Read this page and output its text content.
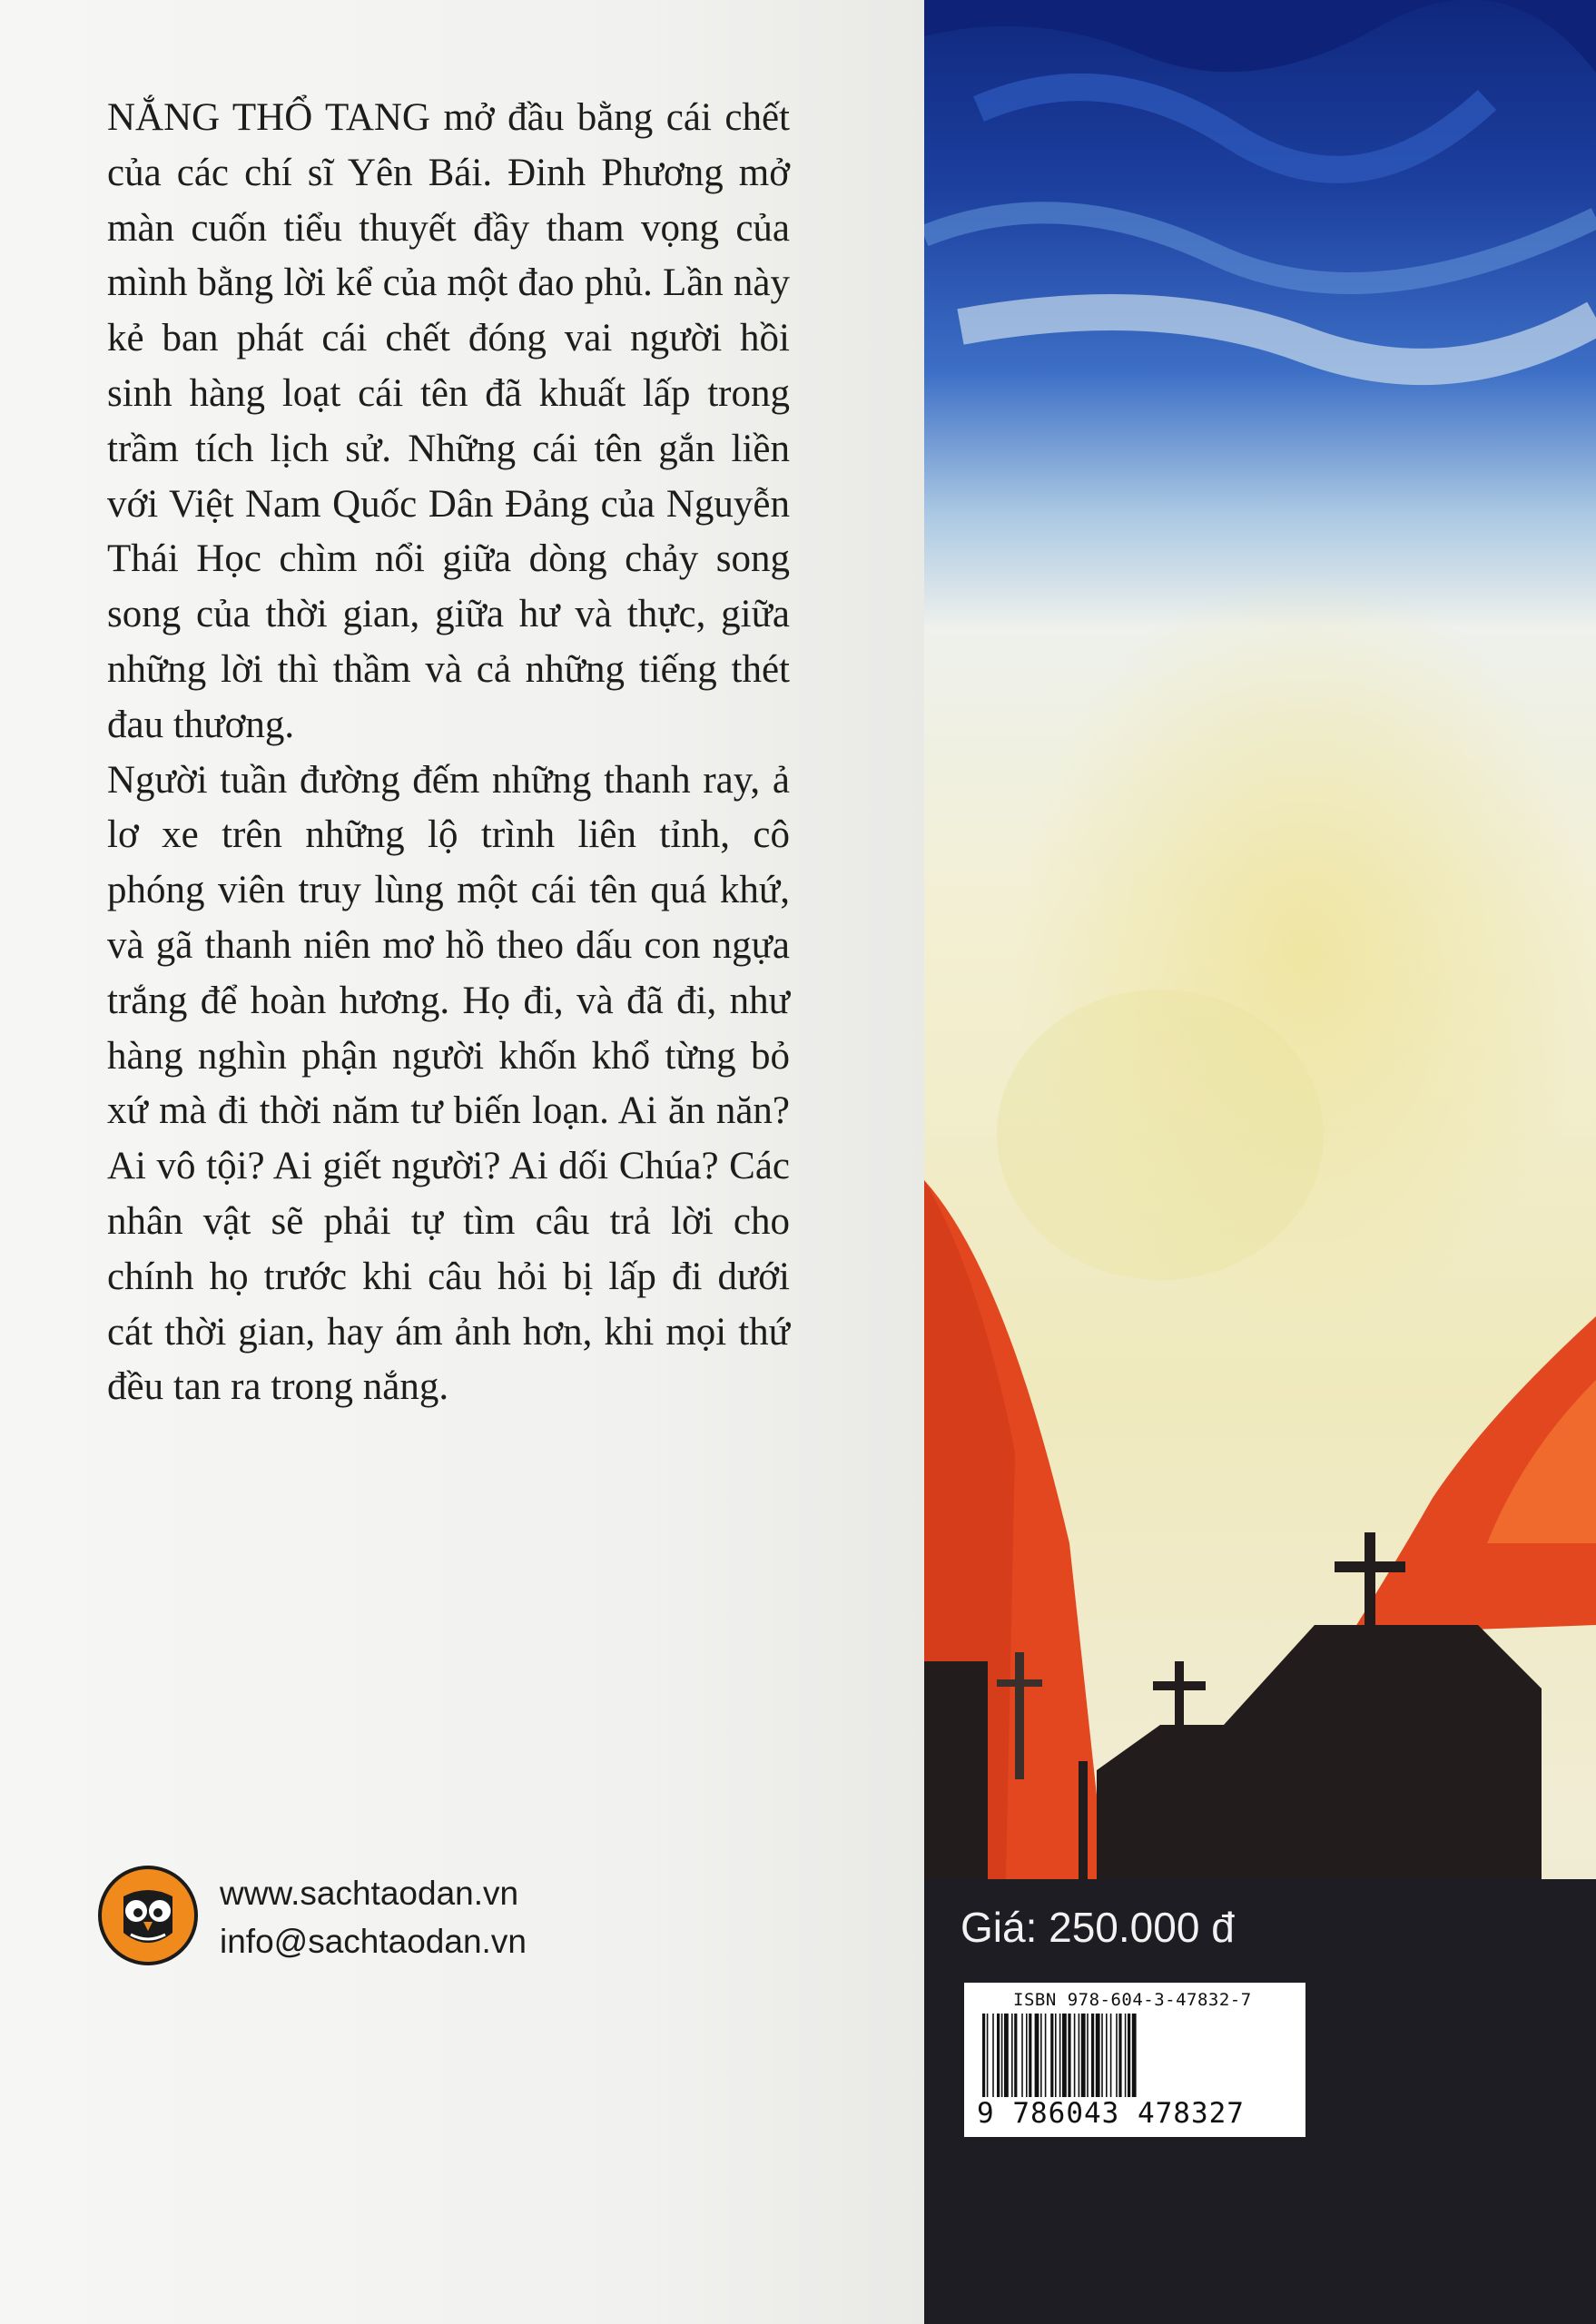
NẮNG THỔ TANG mở đầu bằng cái chết của các chí sĩ Yên Bái. Đinh Phương mở màn cuốn tiểu thuyết đầy tham vọng của mình bằng lời kể của một đao phủ. Lần này kẻ ban phát cái chết đóng vai người hồi sinh hàng loạt cái tên đã khuất lấp trong trầm tích lịch sử. Những cái tên gắn liền với Việt Nam Quốc Dân Đảng của Nguyễn Thái Học chìm nổi giữa dòng chảy song song của thời gian, giữa hư và thực, giữa những lời thì thầm và cả những tiếng thét đau thương.

Người tuần đường đếm những thanh ray, ả lơ xe trên những lộ trình liên tỉnh, cô phóng viên truy lùng một cái tên quá khứ, và gã thanh niên mơ hồ theo dấu con ngựa trắng để hoàn hương. Họ đi, và đã đi, như hàng nghìn phận người khốn khổ từng bỏ xứ mà đi thời năm tư biến loạn. Ai ăn năn? Ai vô tội? Ai giết người? Ai dối Chúa? Các nhân vật sẽ phải tự tìm câu trả lời cho chính họ trước khi câu hỏi bị lấp đi dưới cát thời gian, hay ám ảnh hơn, khi mọi thứ đều tan ra trong nắng.

www.sachtaodan.vn
info@sachtaodan.vn	Giá: 250.000 đ
ISBN 978-604-3-47832-7
9 786043 478327
